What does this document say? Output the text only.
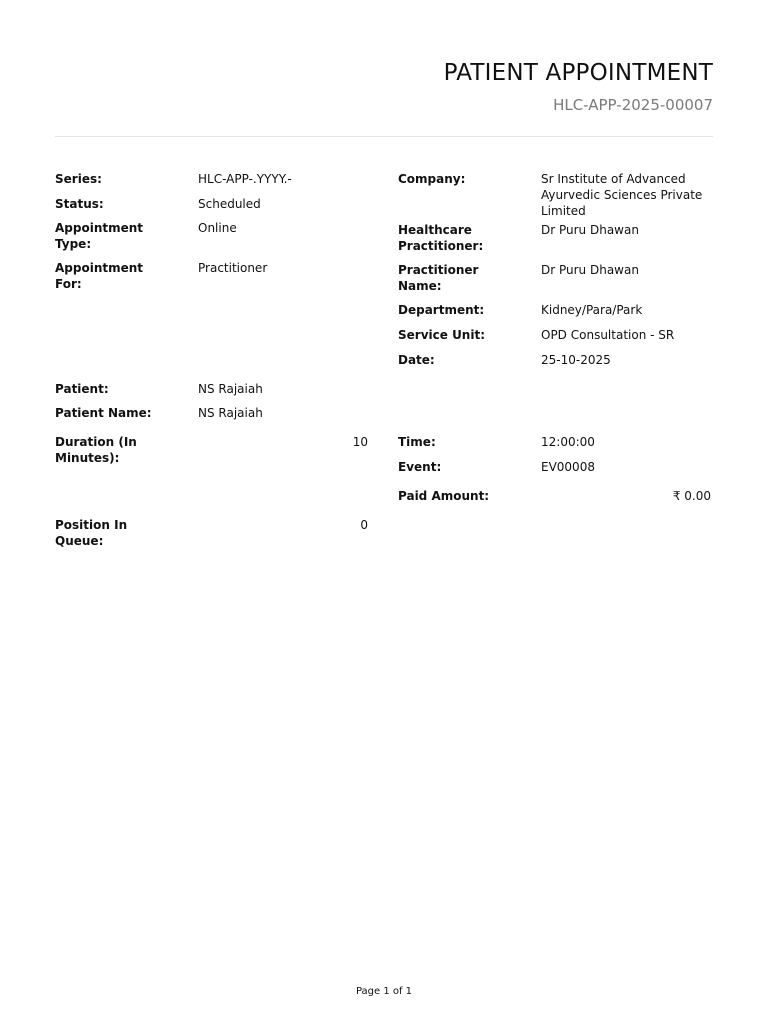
PATIENT APPOINTMENT
HLC-APP-2025-00007
Series:	HLC-APP-.YYYY.-
Status:	Scheduled
Appointment Type:
Online
Appointment For:
Practitioner
Company:	Sr Institute of Advanced Ayurvedic Sciences Private Limited
Healthcare Practitioner:
Dr Puru Dhawan
Practitioner Name:
Dr Puru Dhawan
Department:	Kidney/Para/Park
Service Unit:	OPD Consultation - SR
Date:	25-10-2025
Patient:	NS Rajaiah
Patient Name:	NS Rajaiah
Duration (In Minutes):
10	Time:	12:00:00
Event:	EV00008
Paid Amount:	₹ 0.00
Position In Queue:
0
Page 1 of 1
